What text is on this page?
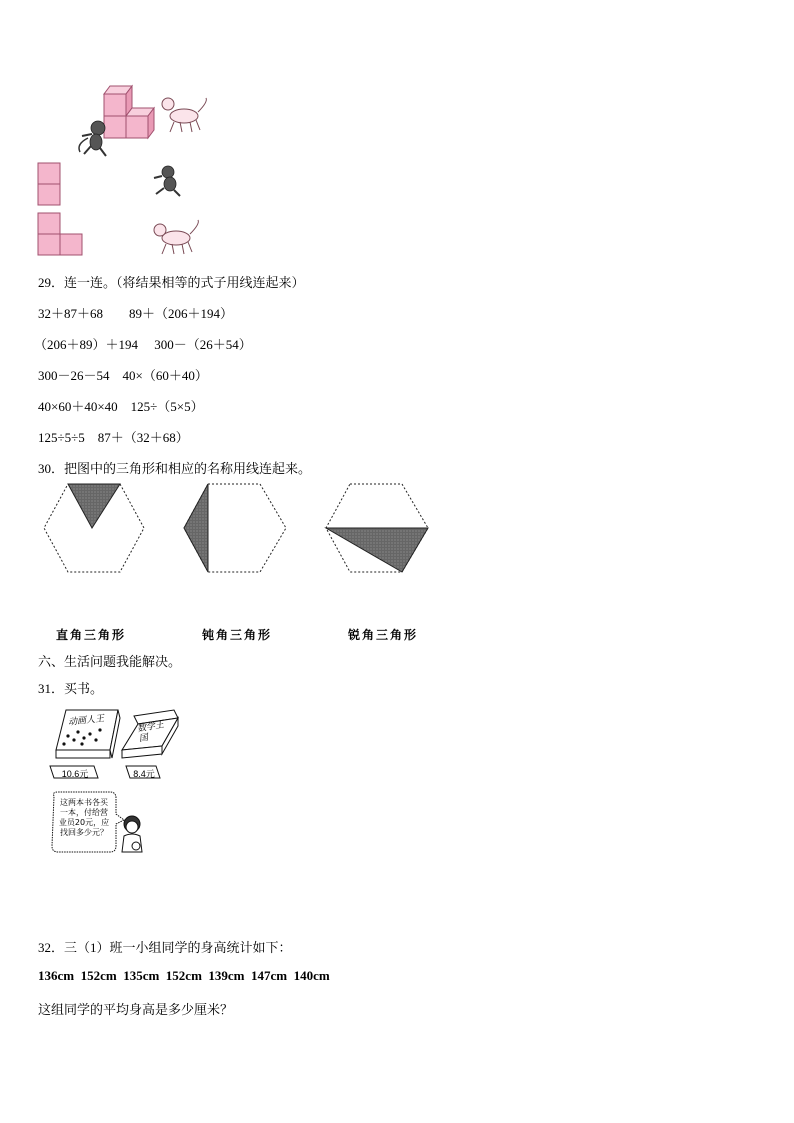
29．连一连。（将结果相等的式子用线连起来）
32＋87＋68　　89＋（206＋194）
（206＋89）＋194　 300－（26＋54）
300－26－54　40×（60＋40）
40×60＋40×40　125÷（5×5）
125÷5÷5　87＋（32＋68）
30．把图中的三角形和相应的名称用线连起来。
直角三角形	钝角三角形	锐角三角形
六、生活问题我能解决。
31．买书。
动画人王	数学王国
10.6元	8.4元
这两本书各买
一本，付给营
业员20元，应
找回多少元？
32．三（1）班一小组同学的身高统计如下：
136cm  152cm  135cm  152cm  139cm  147cm  140cm
这组同学的平均身高是多少厘米？
